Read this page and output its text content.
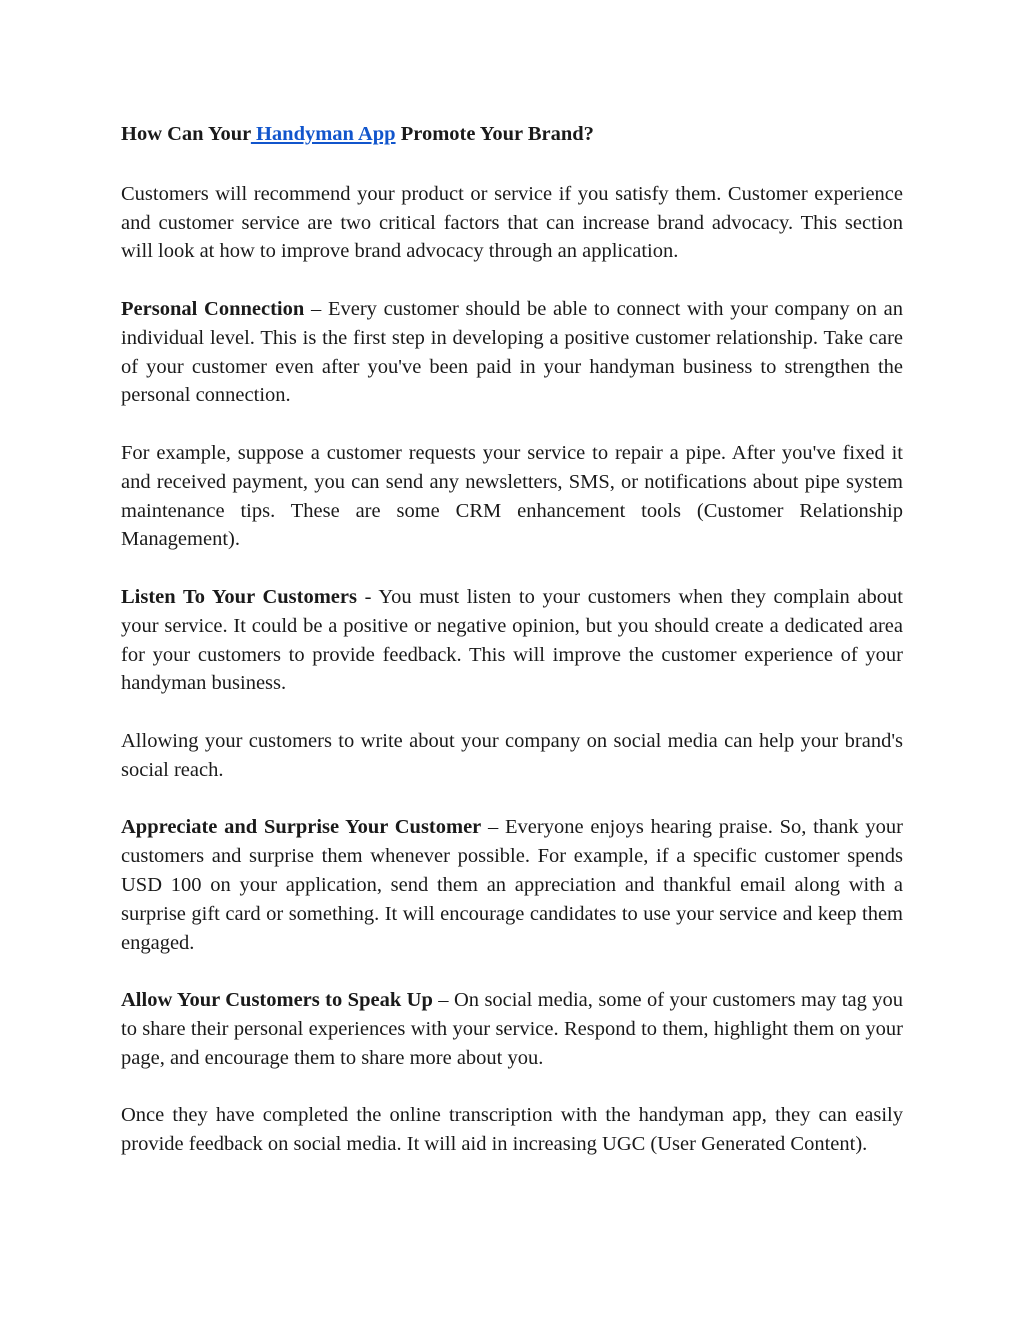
How Can Your Handyman App Promote Your Brand?

Customers will recommend your product or service if you satisfy them. Customer experience and customer service are two critical factors that can increase brand advocacy. This section will look at how to improve brand advocacy through an application.

Personal Connection – Every customer should be able to connect with your company on an individual level. This is the first step in developing a positive customer relationship. Take care of your customer even after you've been paid in your handyman business to strengthen the personal connection.

For example, suppose a customer requests your service to repair a pipe. After you've fixed it and received payment, you can send any newsletters, SMS, or notifications about pipe system maintenance tips. These are some CRM enhancement tools (Customer Relationship Management).

Listen To Your Customers - You must listen to your customers when they complain about your service. It could be a positive or negative opinion, but you should create a dedicated area for your customers to provide feedback. This will improve the customer experience of your handyman business.

Allowing your customers to write about your company on social media can help your brand's social reach.

Appreciate and Surprise Your Customer – Everyone enjoys hearing praise. So, thank your customers and surprise them whenever possible. For example, if a specific customer spends USD 100 on your application, send them an appreciation and thankful email along with a surprise gift card or something. It will encourage candidates to use your service and keep them engaged.

Allow Your Customers to Speak Up – On social media, some of your customers may tag you to share their personal experiences with your service. Respond to them, highlight them on your page, and encourage them to share more about you.

Once they have completed the online transcription with the handyman app, they can easily provide feedback on social media. It will aid in increasing UGC (User Generated Content).
